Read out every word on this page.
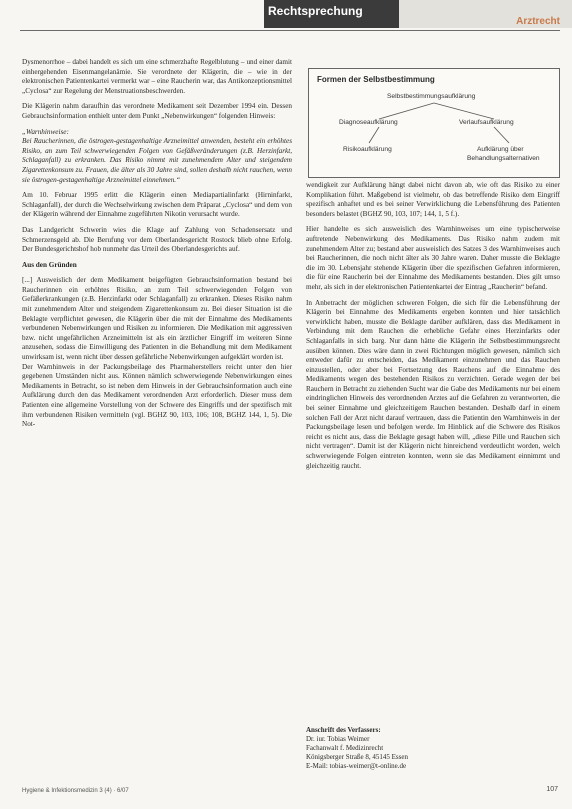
Rechtsprechung
Arztrecht

Dysmenorrhoe – dabei handelt es sich um eine schmerzhafte Regelblutung – und einer damit einhergehenden Eisenmangelanämie. Sie verordnete der Klägerin, die – wie in der elektronischen Patientenkartei vermerkt war – eine Raucherin war, das Antikonzeptionsmittel „Cyclosa“ zur Regelung der Menstruationsbeschwerden.

Die Klägerin nahm daraufhin das verordnete Medikament seit Dezember 1994 ein. Dessen Gebrauchsinformation enthielt unter dem Punkt „Nebenwirkungen“ folgenden Hinweis:

„Warnhinweise:

Bei Raucherinnen, die östrogen-gestagenhaltige Arzneimittel anwenden, besteht ein erhöhtes Risiko, an zum Teil schwerwiegenden Folgen von Gefäßveränderungen (z.B. Herzinfarkt, Schlaganfall) zu erkranken. Das Risiko nimmt mit zunehmendem Alter und steigendem Zigarettenkonsum zu. Frauen, die älter als 30 Jahre sind, sollen deshalb nicht rauchen, wenn sie östrogen-gestagenhaltige Arzneimittel einnehmen.“

Am 10. Februar 1995 erlitt die Klägerin einen Mediapartialinfarkt (Hirninfarkt, Schlaganfall), der durch die Wechselwirkung zwischen dem Präparat „Cyclosa“ und dem von der Klägerin während der Einnahme zugeführten Nikotin verursacht wurde.

Das Landgericht Schwerin wies die Klage auf Zahlung von Schadensersatz und Schmerzensgeld ab. Die Berufung vor dem Oberlandesgericht Rostock blieb ohne Erfolg. Der Bundesgerichtshof hob nunmehr das Urteil des Oberlandesgerichts auf.

Aus den Gründen

[...] Ausweislich der dem Medikament beigefügten Gebrauchsinformation bestand bei Raucherinnen ein erhöhtes Risiko, an zum Teil schwerwiegenden Folgen von Gefäßerkrankungen (z.B. Herzinfarkt oder Schlaganfall) zu erkranken. Dieses Risiko nahm mit zunehmendem Alter und steigendem Zigarettenkonsum zu. Bei dieser Situation ist die Beklagte verpflichtet gewesen, die Klägerin über die mit der Einnahme des Medikaments verbundenen Nebenwirkungen und Risiken zu informieren. Die Medikation mit aggressiven bzw. nicht ungefährlichen Arzneimitteln ist als ein ärztlicher Eingriff im weiteren Sinne anzusehen, sodass die Einwilligung des Patienten in die Behandlung mit dem Medikament unwirksam ist, wenn nicht über dessen gefährliche Nebenwirkungen aufgeklärt worden ist.

Der Warnhinweis in der Packungsbeilage des Pharmaherstellers reicht unter den hier gegebenen Umständen nicht aus. Können nämlich schwerwiegende Nebenwirkungen eines Medikaments in Betracht, so ist neben dem Hinweis in der Gebrauchsinformation auch eine Aufklärung durch den das Medikament verordnenden Arzt erforderlich. Dieser muss dem Patienten eine allgemeine Vorstellung von der Schwere des Eingriffs und der spezifisch mit ihm verbundenen Risiken vermitteln (vgl. BGHZ 90, 103, 106; 108, BGHZ 144, 1, 5). Die Not-

Formen der Selbstbestimmung
Selbstbestimmungsaufklärung
Diagnoseaufklärung	Verlaufsaufklärung
Risikoaufklärung	Aufklärung über
Behandlungsalternativen

wendigkeit zur Aufklärung hängt dabei nicht davon ab, wie oft das Risiko zu einer Komplikation führt. Maßgebend ist vielmehr, ob das betreffende Risiko dem Eingriff spezifisch anhaftet und es bei seiner Verwirklichung die Lebensführung des Patienten besonders belastet (BGHZ 90, 103, 107; 144, 1, 5 f.).

Hier handelte es sich ausweislich des Warnhinweises um eine typischerweise auftretende Nebenwirkung des Medikaments. Das Risiko nahm zudem mit zunehmendem Alter zu; bestand aber ausweislich des Satzes 3 des Warnhinweises auch bei Raucherinnen, die noch nicht älter als 30 Jahre waren. Daher musste die Beklagte die im 30. Lebensjahr stehende Klägerin über die spezifischen Gefahren informieren, die für eine Raucherin bei der Einnahme des Medikaments bestanden. Dies gilt umso mehr, als sich in der elektronischen Patientenkartei der Eintrag „Raucherin“ befand.

In Anbetracht der möglichen schweren Folgen, die sich für die Lebensführung der Klägerin bei Einnahme des Medikaments ergeben konnten und hier tatsächlich verwirklicht haben, musste die Beklagte darüber aufklären, dass das Medikament in Verbindung mit dem Rauchen die erhebliche Gefahr eines Herzinfarkts oder Schlaganfalls in sich barg. Nur dann hätte die Klägerin ihr Selbstbestimmungsrecht ausüben können. Dies wäre dann in zwei Richtungen möglich gewesen, nämlich sich entweder dafür zu entscheiden, das Medikament einzunehmen und das Rauchen einzustellen, oder aber bei Fortsetzung des Rauchens auf die Einnahme des Medikaments wegen des bestehenden Risikos zu verzichten. Gerade wegen der bei Rauchern in Betracht zu ziehenden Sucht war die Gabe des Medikaments nur bei einem eindringlichen Hinweis des verordnenden Arztes auf die Gefahren zu verantworten, die bei seiner Einnahme und gleichzeitigem Rauchen bestanden. Deshalb darf in einem solchen Fall der Arzt nicht darauf vertrauen, dass die Patientin den Warnhinweis in der Packungsbeilage lesen und befolgen werde. Im Hinblick auf die Schwere des Risikos reicht es nicht aus, dass die Beklagte gesagt haben will, „diese Pille und Rauchen sich nicht vertragen“. Damit ist der Klägerin nicht hinreichend verdeutlicht worden, welch schwerwiegende Folgen eintreten konnten, wenn sie das Medikament einnimmt und gleichzeitig raucht.

Anschrift des Verfassers:
Dr. iur. Tobias Weimer
Fachanwalt f. Medizinrecht
Königsberger Straße 8, 45145 Essen
E-Mail: tobias-weimer@t-online.de
Hygiene & Infektionsmedizin 3 (4) · 6/07	107
